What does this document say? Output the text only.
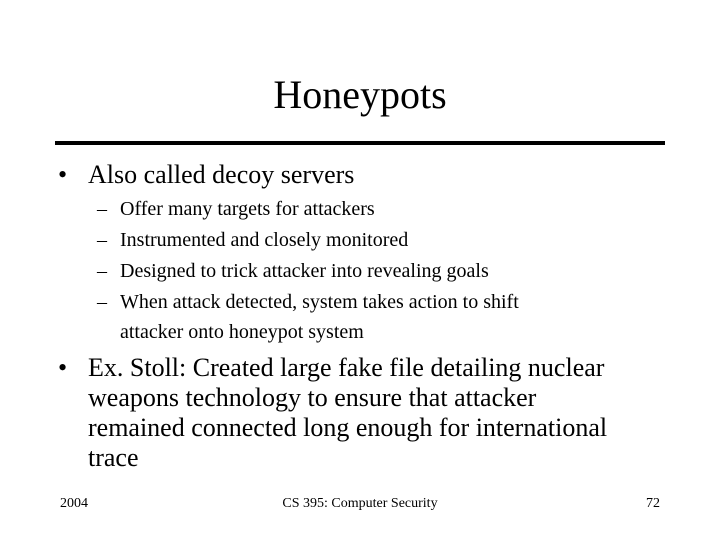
Honeypots
• Also called decoy servers
– Offer many targets for attackers
– Instrumented and closely monitored
– Designed to trick attacker into revealing goals
– When attack detected, system takes action to shift
attacker onto honeypot system
• Ex. Stoll: Created large fake file detailing nuclear
weapons technology to ensure that attacker
remained connected long enough for international
trace
2004	CS 395: Computer Security	72
